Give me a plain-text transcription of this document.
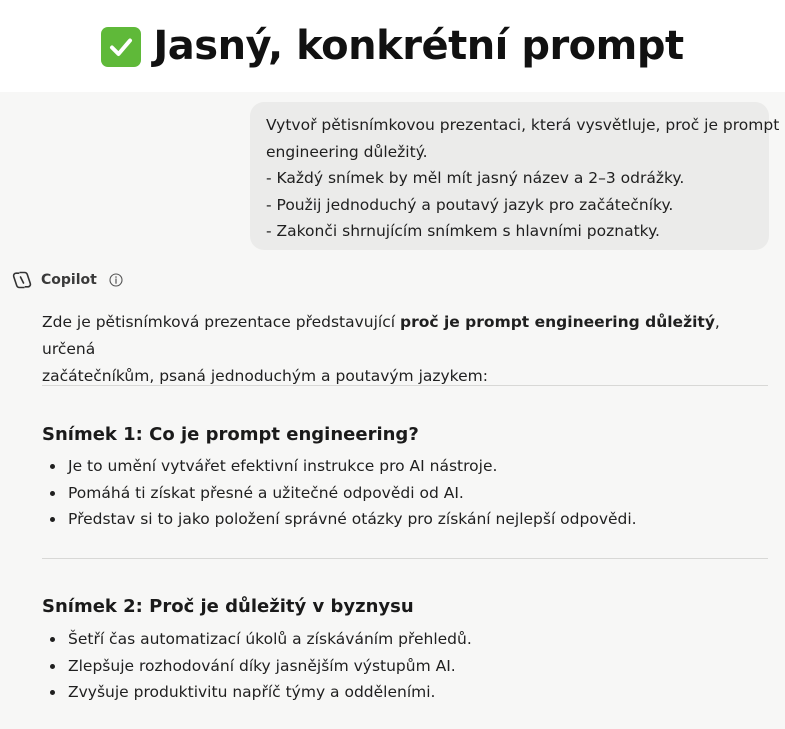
Jasný, konkrétní prompt
Vytvoř pětisnímkovou prezentaci, která vysvětluje, proč je prompt
engineering důležitý.
- Každý snímek by měl mít jasný název a 2–3 odrážky.
- Použij jednoduchý a poutavý jazyk pro začátečníky.
- Zakonči shrnujícím snímkem s hlavními poznatky.
Copilot
Zde je pětisnímková prezentace představující proč je prompt engineering důležitý, určená
začátečníkům, psaná jednoduchým a poutavým jazykem:
Snímek 1: Co je prompt engineering?
Je to umění vytvářet efektivní instrukce pro AI nástroje.
Pomáhá ti získat přesné a užitečné odpovědi od AI.
Představ si to jako položení správné otázky pro získání nejlepší odpovědi.
Snímek 2: Proč je důležitý v byznysu
Šetří čas automatizací úkolů a získáváním přehledů.
Zlepšuje rozhodování díky jasnějším výstupům AI.
Zvyšuje produktivitu napříč týmy a odděleními.
